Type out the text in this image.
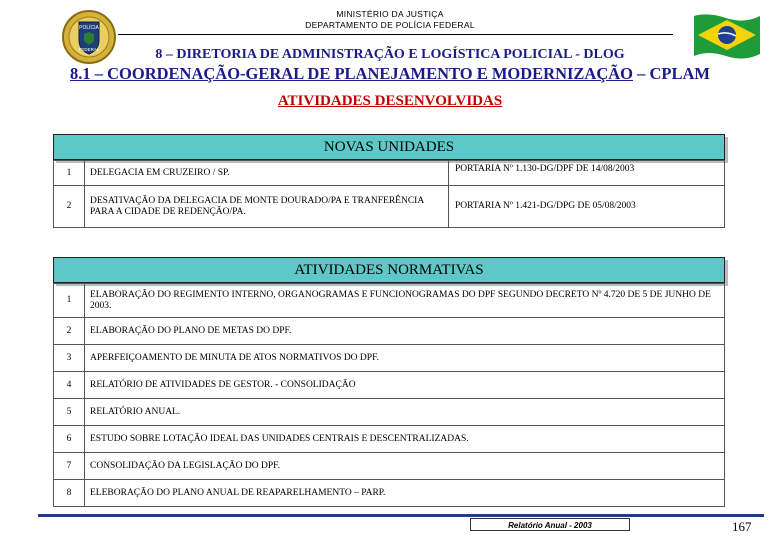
MINISTÉRIO DA JUSTIÇA
DEPARTAMENTO DE POLÍCIA FEDERAL
POLÍCIA
FEDERAL	8 – DIRETORIA DE ADMINISTRAÇÃO E LOGÍSTICA POLICIAL - DLOG
8.1 – COORDENAÇÃO-GERAL DE PLANEJAMENTO E MODERNIZAÇÃO – CPLAM
ATIVIDADES DESENVOLVIDAS
NOVAS UNIDADES
1	DELEGACIA EM CRUZEIRO / SP.	PORTARIA Nº 1.130-DG/DPF DE 14/08/2003
2	DESATIVAÇÃO DA DELEGACIA DE MONTE DOURADO/PA E TRANFERÊNCIA PARA A CIDADE DE REDENÇÃO/PA.	PORTARIA Nº 1.421-DG/DPG DE 05/08/2003
ATIVIDADES NORMATIVAS
1	ELABORAÇÃO DO REGIMENTO INTERNO, ORGANOGRAMAS E FUNCIONOGRAMAS DO DPF SEGUNDO DECRETO Nº 4.720 DE 5 DE JUNHO DE 2003.
2	ELABORAÇÃO DO PLANO DE METAS DO DPF.
3	APERFEIÇOAMENTO DE MINUTA DE ATOS NORMATIVOS DO DPF.
4	RELATÓRIO DE ATIVIDADES DE GESTOR. - CONSOLIDAÇÃO
5	RELATÓRIO ANUAL.
6	ESTUDO SOBRE LOTAÇÃO IDEAL DAS UNIDADES CENTRAIS E DESCENTRALIZADAS.
7	CONSOLIDAÇÃO DA LEGISLAÇÃO DO DPF.
8	ELEBORAÇÃO DO PLANO ANUAL DE REAPARELHAMENTO – PARP.
Relatório Anual - 2003	167
